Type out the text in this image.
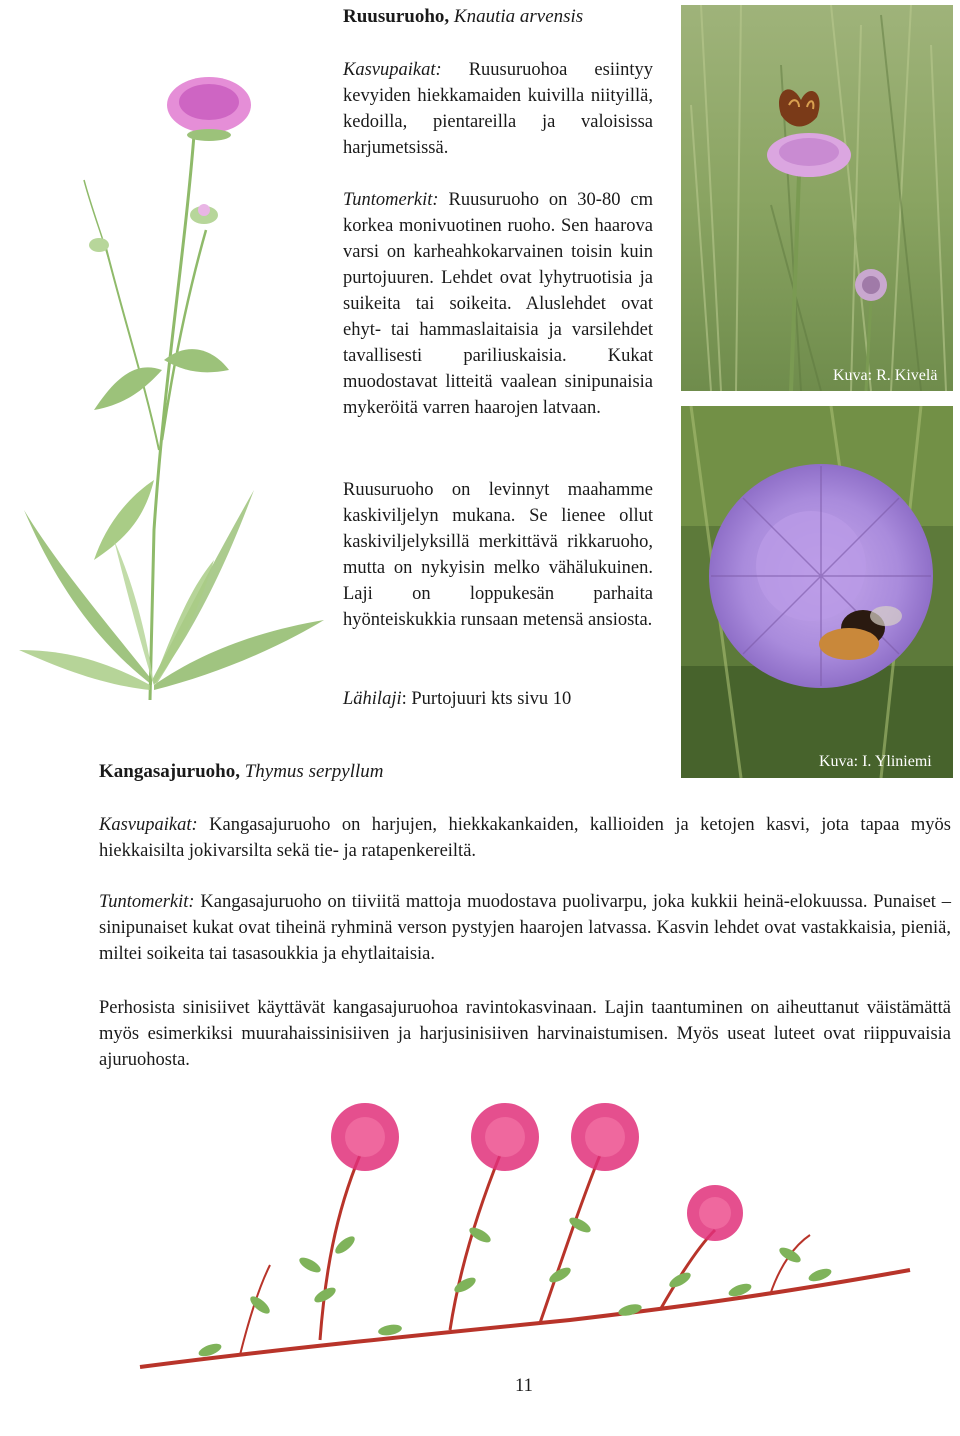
Ruusuruoho, Knautia arvensis
Kasvupaikat: Ruusuruohoa esiintyy kevyiden hiekkamaiden kuivilla niityillä, kedoilla, pientareilla ja valoisissa harjumetsissä.
Tuntomerkit: Ruusuruoho on 30-80 cm korkea monivuotinen ruoho. Sen haarova varsi on karheahkokarvainen toisin kuin purtojuuren. Lehdet ovat lyhytruotisia ja suikeita tai soikeita. Aluslehdet ovat ehyt- tai hammaslaitaisia ja varsilehdet tavallisesti pariliuskaisia. Kukat muodostavat litteitä vaalean sinipunaisia mykeröitä varren haarojen latvaan.
Ruusuruoho on levinnyt maahamme kaskiviljelyn mukana. Se lienee ollut kaskiviljelyksillä merkittävä rikkaruoho, mutta on nykyisin melko vähälukuinen. Laji on loppukesän parhaita hyönteiskukkia runsaan metensä ansiosta.
Lähilaji: Purtojuuri kts sivu 10
Kuva: R. Kivelä
Kuva: I. Yliniemi
Kangasajuruoho, Thymus serpyllum
Kasvupaikat: Kangasajuruoho on harjujen, hiekkakankaiden, kallioiden ja ketojen kasvi, jota tapaa myös hiekkaisilta jokivarsilta sekä tie- ja ratapenkereiltä.
Tuntomerkit: Kangasajuruoho on tiiviitä mattoja muodostava puolivarpu, joka kukkii heinä-elokuussa. Punaiset – sinipunaiset kukat ovat tiheinä ryhminä verson pystyjen haarojen latvassa. Kasvin lehdet ovat vastakkaisia, pieniä, miltei soikeita tai tasasoukkia ja ehytlaitaisia.
Perhosista sinisiivet käyttävät kangasajuruohoa ravintokasvinaan. Lajin taantuminen on aiheuttanut väistämättä myös esimerkiksi muurahaissinisiiven ja harjusinisiiven harvinaistumisen. Myös useat luteet ovat riippuvaisia ajuruohosta.
11
